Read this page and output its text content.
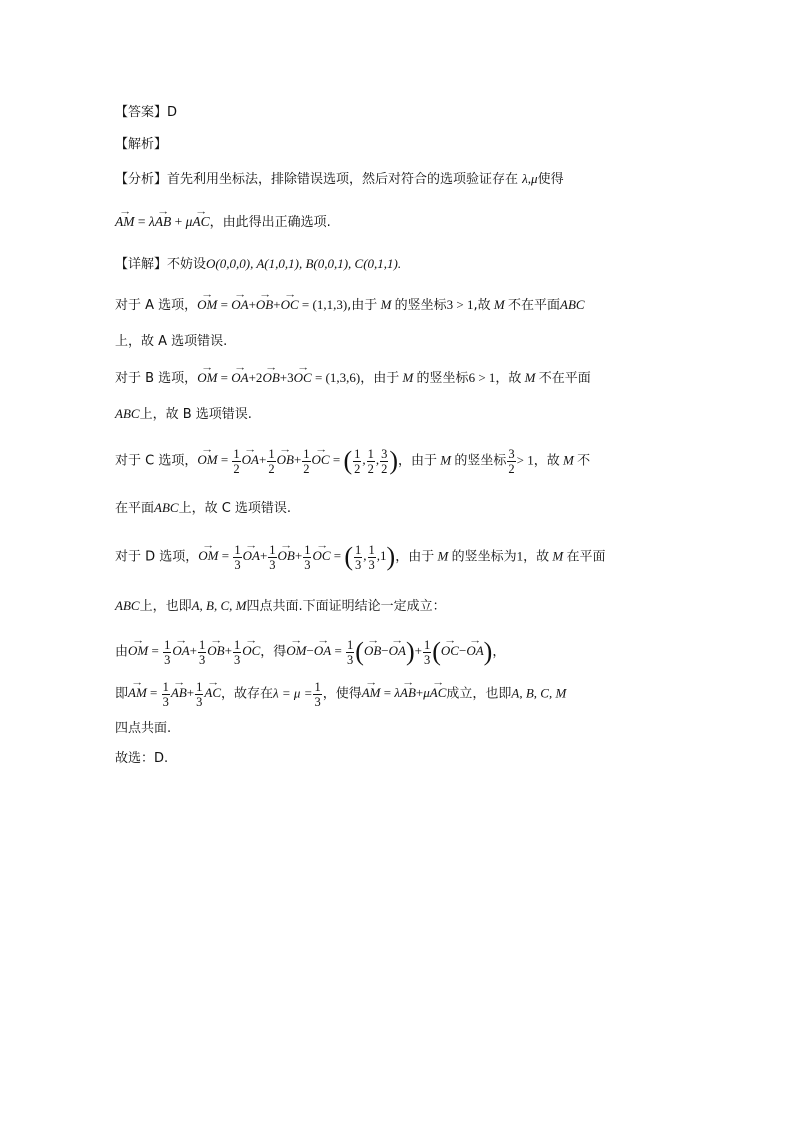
【答案】D
【解析】
【分析】首先利用坐标法，排除错误选项，然后对符合的选项验证存在 λ,μ使得
→ AM = λ→ AB + μ→ AC，由此得出正确选项.
【详解】不妨设O(0,0,0), A(1,0,1), B(0,0,1), C(0,1,1).
对于 A 选项，→ OM = → OA+→ OB+→ OC = (1,1,3),由于 M 的竖坐标3 > 1,故 M 不在平面ABC
上，故 A 选项错误.
对于 B 选项，→ OM = → OA+2→ OB+3→ OC = (1,3,6)，由于 M 的竖坐标6 > 1，故 M 不在平面
ABC上，故 B 选项错误.
对于 C 选项，→ OM = $\frac{1}{2}$
→ $OA+ \frac{1}{2}$
→ $OB+ \frac{1}{2}$
→ OC = ( $\frac{1}{2}$ , $\frac{1}{2}$ , $\frac{3}{2}$ )，由于 M 的竖坐标 $\frac{3}{2} > 1$，故 M 不
在平面ABC上，故 C 选项错误.
对于 D 选项，→ OM = $\frac{1}{3}$
→ $OA+ \frac{1}{3}$
→ $OB+ \frac{1}{3}$
→ OC = ( $\frac{1}{3}$ , $\frac{1}{3} ,1$)，由于 M 的竖坐标为1，故 M 在平面
ABC上，也即A, B, C, M四点共面.下面证明结论一定成立：
由→ OM = $\frac{1}{3}$
→ $OA+ \frac{1}{3}$
→ $OB+ \frac{1}{3}$
→ OC，得→ OM−→ OA = $\frac{1}{3}$ (→ $OB-\to OA)+ \frac{1}{3}$ (→ OC−→ OA)，
即→ AM = $\frac{1}{3}$
→ $AB+ \frac{1}{3}$
→ AC，故存在$\lambda = \mu = \frac{1}{3}$ ，使得→ AM = λ→ AB+μ→ AC成立，也即A, B, C, M
四点共面.
故选：D.
